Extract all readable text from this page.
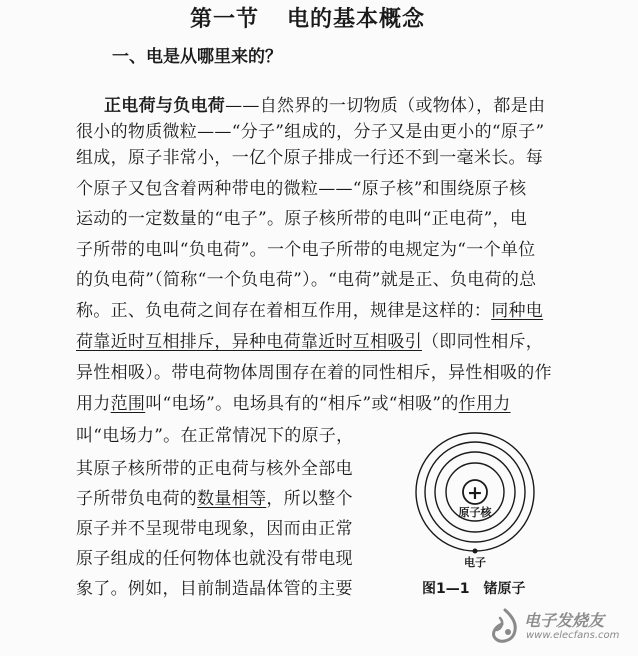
第一节 电的基本概念
一、电是从哪里来的？
正电荷与负电荷——自然界的一切物质（或物体），都是由
很小的物质微粒——“分子”组成的，分子又是由更小的“原子”
组成，原子非常小，一亿个原子排成一行还不到一毫米长。每
个原子又包含着两种带电的微粒——“原子核”和围绕原子核
运动的一定数量的“电子”。原子核所带的电叫“正电荷”，电
子所带的电叫“负电荷”。一个电子所带的电规定为“一个单位
的负电荷”（简称“一个负电荷”）。“电荷”就是正、负电荷的总
称。正、负电荷之间存在着相互作用，规律是这样的：同种电
荷靠近时互相排斥，异种电荷靠近时互相吸引（即同性相斥，
异性相吸）。带电荷物体周围存在着的同性相斥，异性相吸的作
用力范围叫“电场”。电场具有的“相斥”或“相吸”的作用力
叫“电场力”。在正常情况下的原子，
其原子核所带的正电荷与核外全部电
子所带负电荷的数量相等，所以整个
原子并不呈现带电现象，因而由正常
原子组成的任何物体也就没有带电现
象了。例如，目前制造晶体管的主要
+
原子核
电子
图1—1 锗原子
电子发烧友
www.elecfans.com
